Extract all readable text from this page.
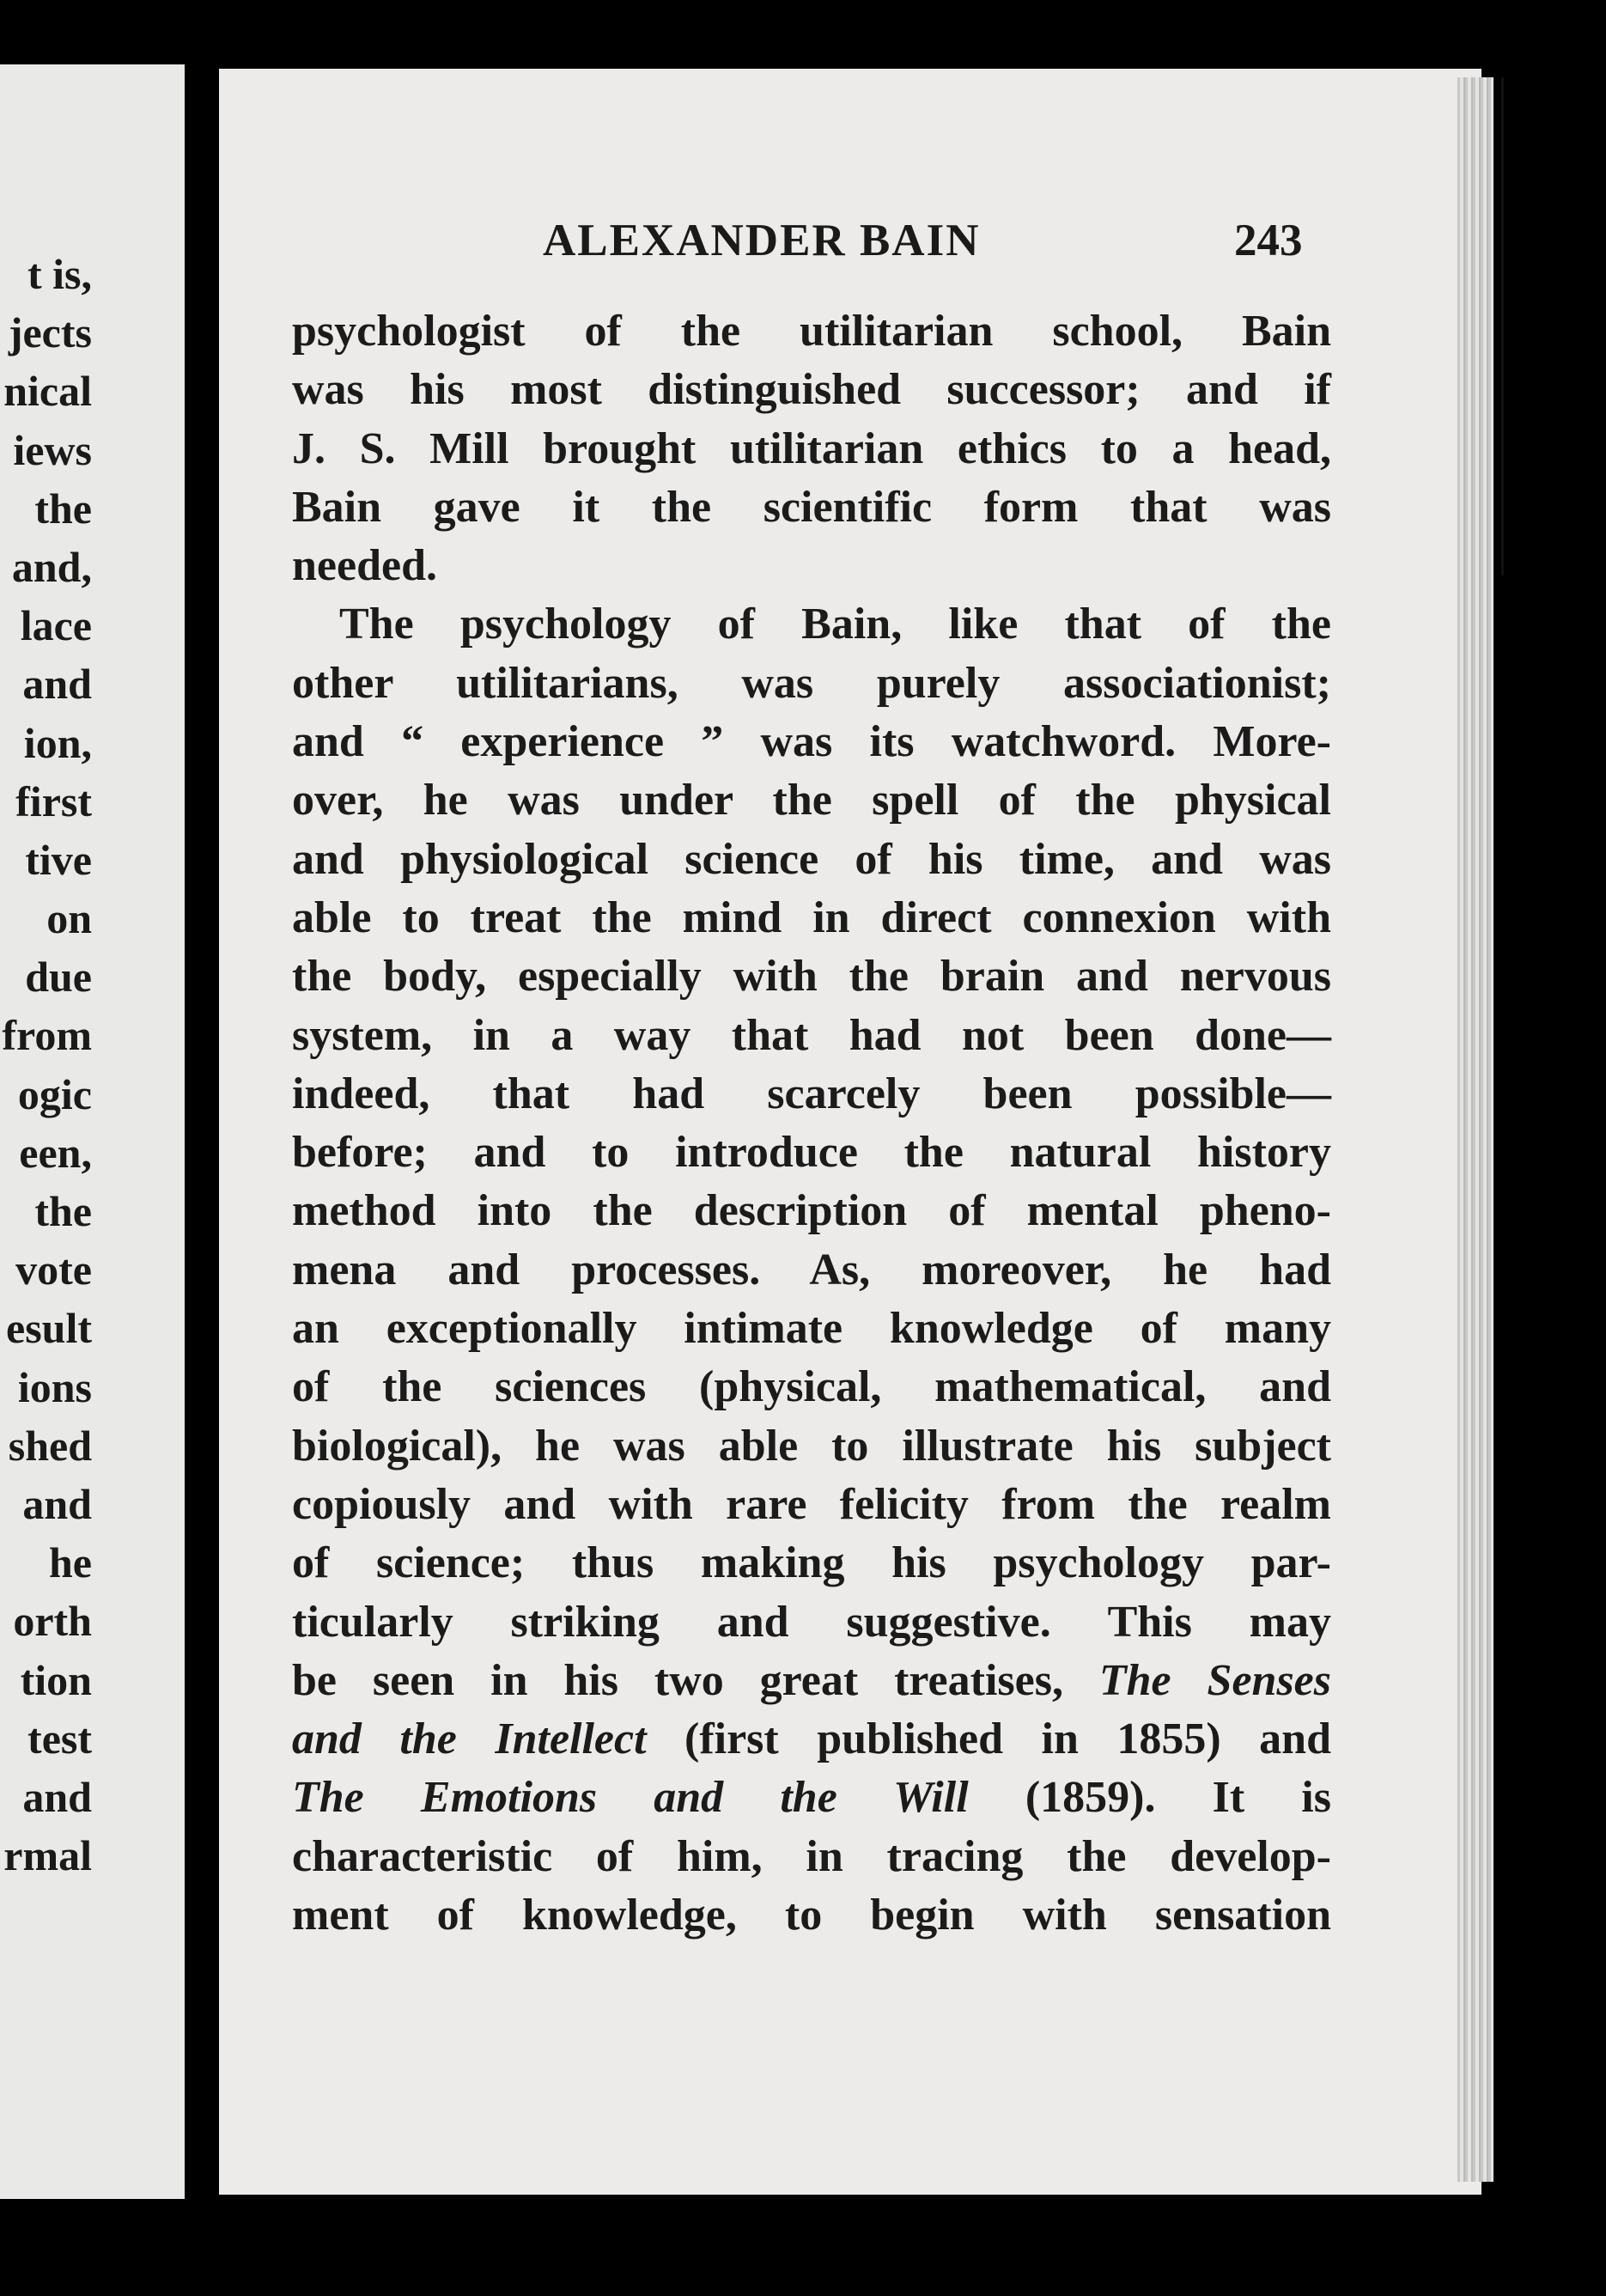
t is,
jects
nical
iews
the
and,
lace
and
ion,
first
tive
on
due
from
ogic
een,
the
vote
esult
ions
shed
and
he
orth
tion
test
and
rmal
ALEXANDER BAIN	243
psychologist of the utilitarian school, Bain
was his most distinguished successor; and if
J. S. Mill brought utilitarian ethics to a head,
Bain gave it the scientific form that was
needed.
The psychology of Bain, like that of the
other utilitarians, was purely associationist;
and “ experience ” was its watchword. More-
over, he was under the spell of the physical
and physiological science of his time, and was
able to treat the mind in direct connexion with
the body, especially with the brain and nervous
system, in a way that had not been done—
indeed, that had scarcely been possible—
before; and to introduce the natural history
method into the description of mental pheno-
mena and processes. As, moreover, he had
an exceptionally intimate knowledge of many
of the sciences (physical, mathematical, and
biological), he was able to illustrate his subject
copiously and with rare felicity from the realm
of science; thus making his psychology par-
ticularly striking and suggestive. This may
be seen in his two great treatises, The Senses
and the Intellect (first published in 1855) and
The Emotions and the Will (1859). It is
characteristic of him, in tracing the develop-
ment of knowledge, to begin with sensation
